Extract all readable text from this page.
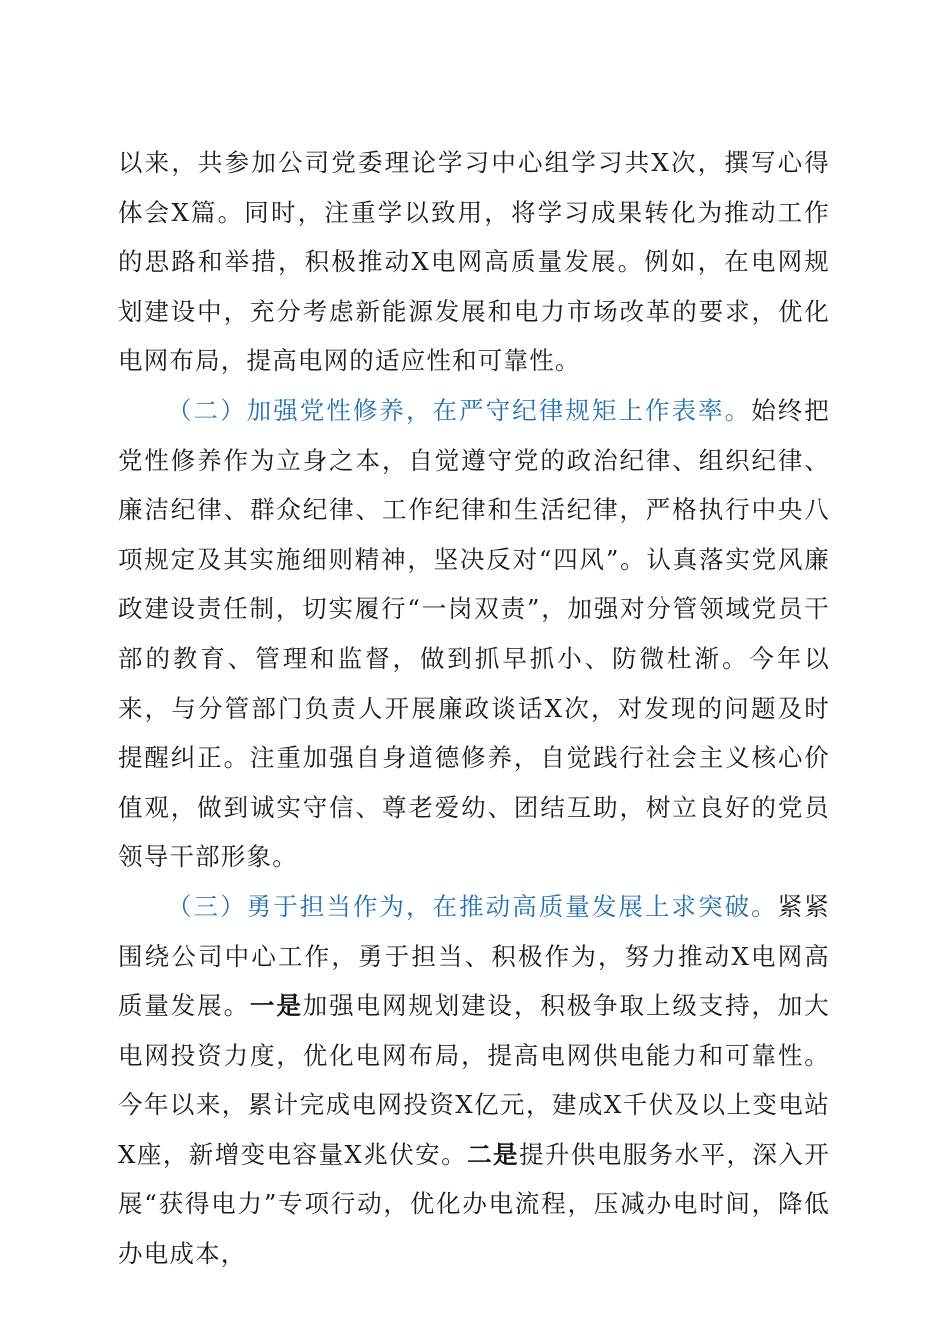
以来，共参加公司党委理论学习中心组学习共X次，撰写心得体会X篇。同时，注重学以致用，将学习成果转化为推动工作的思路和举措，积极推动X电网高质量发展。例如，在电网规划建设中，充分考虑新能源发展和电力市场改革的要求，优化电网布局，提高电网的适应性和可靠性。

（二）加强党性修养，在严守纪律规矩上作表率。始终把党性修养作为立身之本，自觉遵守党的政治纪律、组织纪律、廉洁纪律、群众纪律、工作纪律和生活纪律，严格执行中央八项规定及其实施细则精神，坚决反对“四风”。认真落实党风廉政建设责任制，切实履行“一岗双责”，加强对分管领域党员干部的教育、管理和监督，做到抓早抓小、防微杜渐。今年以来，与分管部门负责人开展廉政谈话X次，对发现的问题及时提醒纠正。注重加强自身道德修养，自觉践行社会主义核心价值观，做到诚实守信、尊老爱幼、团结互助，树立良好的党员领导干部形象。

（三）勇于担当作为，在推动高质量发展上求突破。紧紧围绕公司中心工作，勇于担当、积极作为，努力推动X电网高质量发展。一是加强电网规划建设，积极争取上级支持，加大电网投资力度，优化电网布局，提高电网供电能力和可靠性。今年以来，累计完成电网投资X亿元，建成X千伏及以上变电站X座，新增变电容量X兆伏安。二是提升供电服务水平，深入开展“获得电力”专项行动，优化办电流程，压减办电时间，降低办电成本，
